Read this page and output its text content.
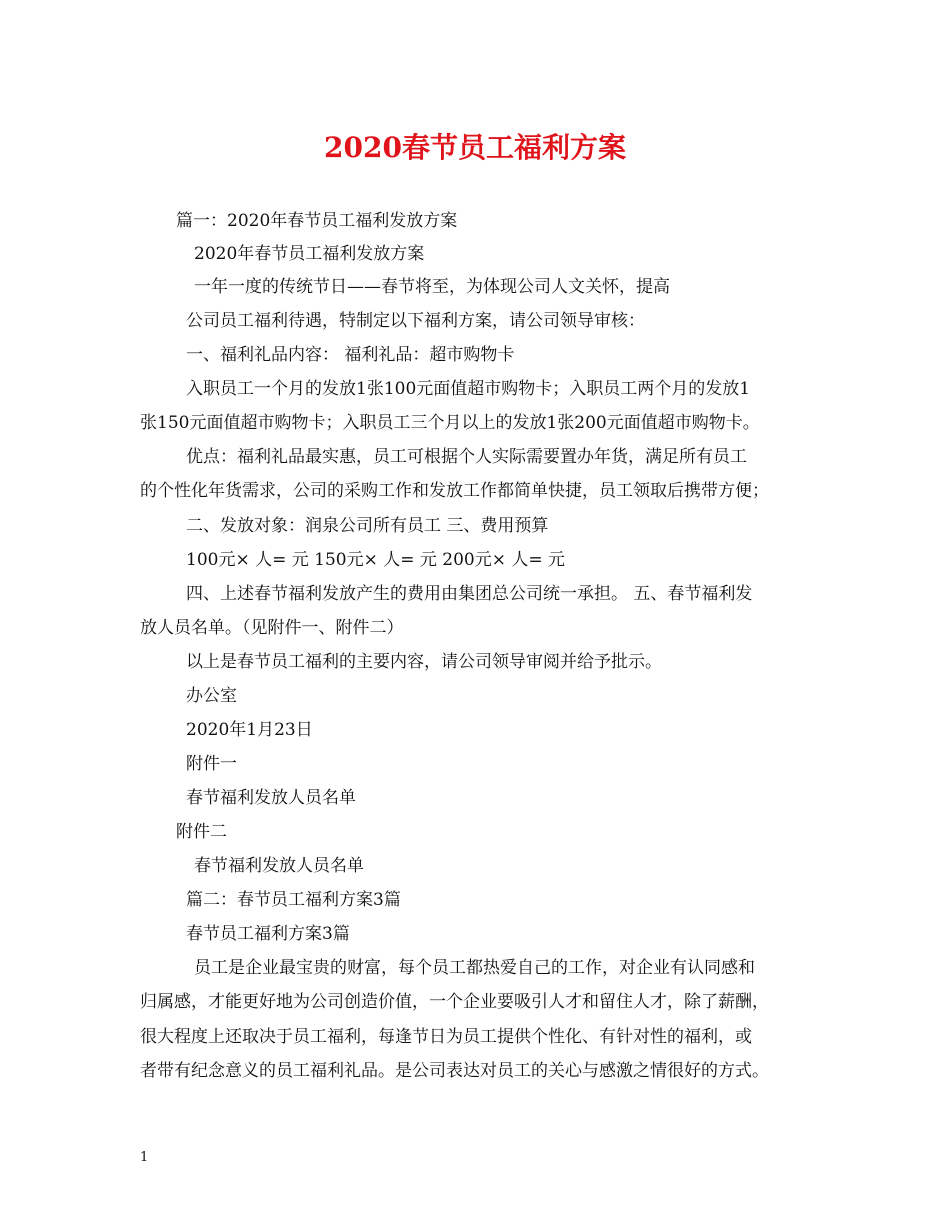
2020春节员工福利方案

篇一：2020年春节员工福利发放方案

2020年春节员工福利发放方案

一年一度的传统节日——春节将至，为体现公司人文关怀，提高

公司员工福利待遇，特制定以下福利方案，请公司领导审核：

一、福利礼品内容： 福利礼品：超市购物卡

入职员工一个月的发放1张100元面值超市购物卡；入职员工两个月的发放1

张150元面值超市购物卡；入职员工三个月以上的发放1张200元面值超市购物卡。

优点：福利礼品最实惠，员工可根据个人实际需要置办年货，满足所有员工

的个性化年货需求，公司的采购工作和发放工作都简单快捷，员工领取后携带方便；

二、发放对象：润泉公司所有员工 三、费用预算

100元× 人= 元 150元× 人= 元 200元× 人= 元

四、上述春节福利发放产生的费用由集团总公司统一承担。 五、春节福利发

放人员名单。（见附件一、附件二）

以上是春节员工福利的主要内容，请公司领导审阅并给予批示。

办公室

2020年1月23日

附件一

春节福利发放人员名单

附件二

春节福利发放人员名单

篇二：春节员工福利方案3篇

春节员工福利方案3篇

员工是企业最宝贵的财富，每个员工都热爱自己的工作，对企业有认同感和

归属感，才能更好地为公司创造价值，一个企业要吸引人才和留住人才，除了薪酬，

很大程度上还取决于员工福利，每逢节日为员工提供个性化、有针对性的福利，或

者带有纪念意义的员工福利礼品。是公司表达对员工的关心与感激之情很好的方式。

1
